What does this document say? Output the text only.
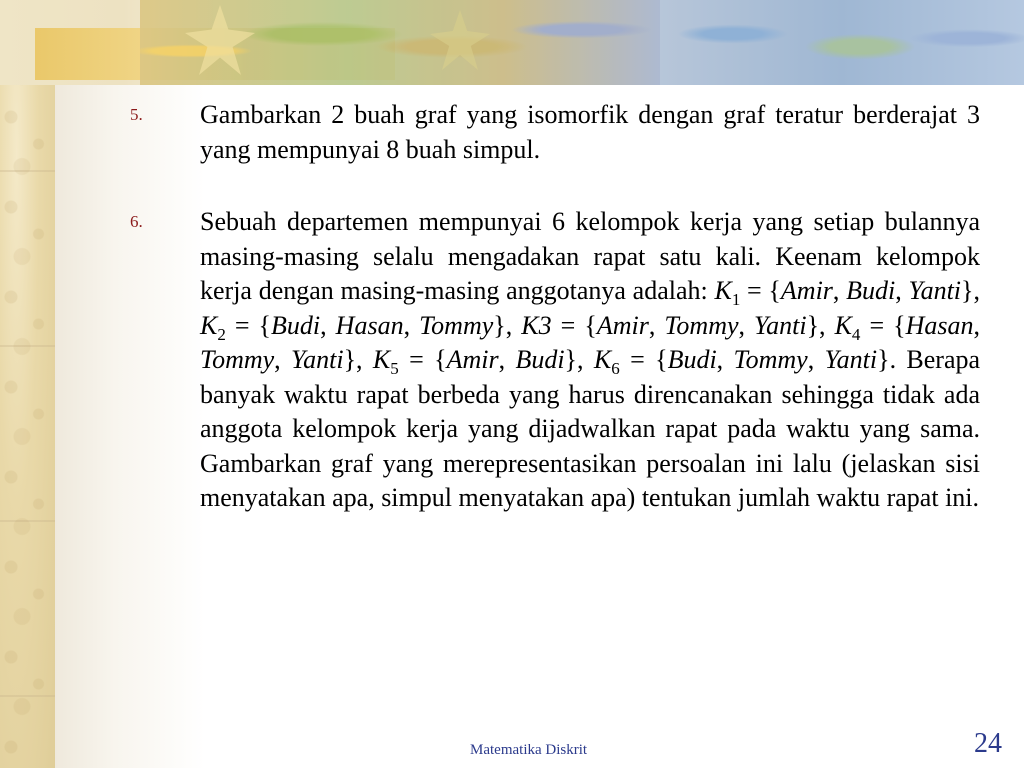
5.	Gambarkan 2 buah graf yang isomorfik dengan graf teratur berderajat 3 yang mempunyai 8 buah simpul.
6.	Sebuah departemen mempunyai 6 kelompok kerja yang setiap bulannya masing-masing selalu mengadakan rapat satu kali. Keenam kelompok kerja dengan masing-masing anggotanya adalah: $K_1$ = {Amir, Budi, Yanti}, $K_2$ = {Budi, Hasan, Tommy}, K3 = {Amir, Tommy, Yanti}, $K_4$ = {Hasan, Tommy, Yanti}, $K_5$ = {Amir, Budi}, $K_6$ = {Budi, Tommy, Yanti}. Berapa banyak waktu rapat berbeda yang harus direncanakan sehingga tidak ada anggota kelompok kerja yang dijadwalkan rapat pada waktu yang sama. Gambarkan graf yang merepresentasikan persoalan ini lalu (jelaskan sisi menyatakan apa, simpul menyatakan apa) tentukan jumlah waktu rapat ini.
Matematika Diskrit	24
